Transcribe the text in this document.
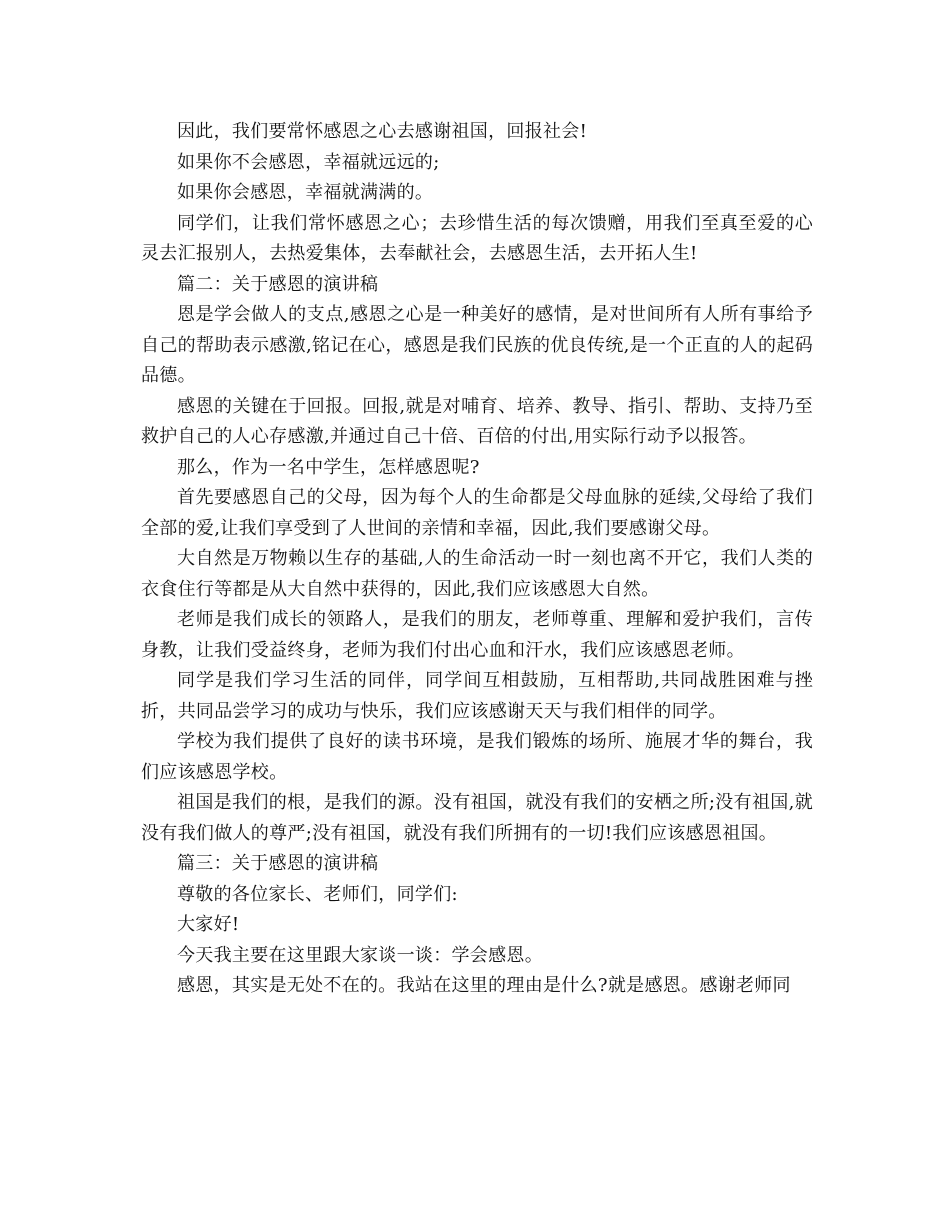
因此，我们要常怀感恩之心去感谢祖国，回报社会!

如果你不会感恩，幸福就远远的;

如果你会感恩，幸福就满满的。

同学们，让我们常怀感恩之心；去珍惜生活的每次馈赠，用我们至真至爱的心灵去汇报别人，去热爱集体，去奉献社会，去感恩生活，去开拓人生!

篇二：关于感恩的演讲稿

恩是学会做人的支点,感恩之心是一种美好的感情，是对世间所有人所有事给予自己的帮助表示感激,铭记在心，感恩是我们民族的优良传统,是一个正直的人的起码品德。

感恩的关键在于回报。回报,就是对哺育、培养、教导、指引、帮助、支持乃至救护自己的人心存感激,并通过自己十倍、百倍的付出,用实际行动予以报答。

那么，作为一名中学生，怎样感恩呢?

首先要感恩自己的父母，因为每个人的生命都是父母血脉的延续,父母给了我们全部的爱,让我们享受到了人世间的亲情和幸福，因此,我们要感谢父母。

大自然是万物赖以生存的基础,人的生命活动一时一刻也离不开它，我们人类的衣食住行等都是从大自然中获得的，因此,我们应该感恩大自然。

老师是我们成长的领路人，是我们的朋友，老师尊重、理解和爱护我们，言传身教，让我们受益终身，老师为我们付出心血和汗水，我们应该感恩老师。

同学是我们学习生活的同伴，同学间互相鼓励，互相帮助,共同战胜困难与挫折，共同品尝学习的成功与快乐，我们应该感谢天天与我们相伴的同学。

学校为我们提供了良好的读书环境，是我们锻炼的场所、施展才华的舞台，我们应该感恩学校。

祖国是我们的根，是我们的源。没有祖国，就没有我们的安栖之所;没有祖国,就没有我们做人的尊严;没有祖国，就没有我们所拥有的一切!我们应该感恩祖国。

篇三：关于感恩的演讲稿

尊敬的各位家长、老师们，同学们:

大家好!

今天我主要在这里跟大家谈一谈：学会感恩。

感恩，其实是无处不在的。我站在这里的理由是什么?就是感恩。感谢老师同
